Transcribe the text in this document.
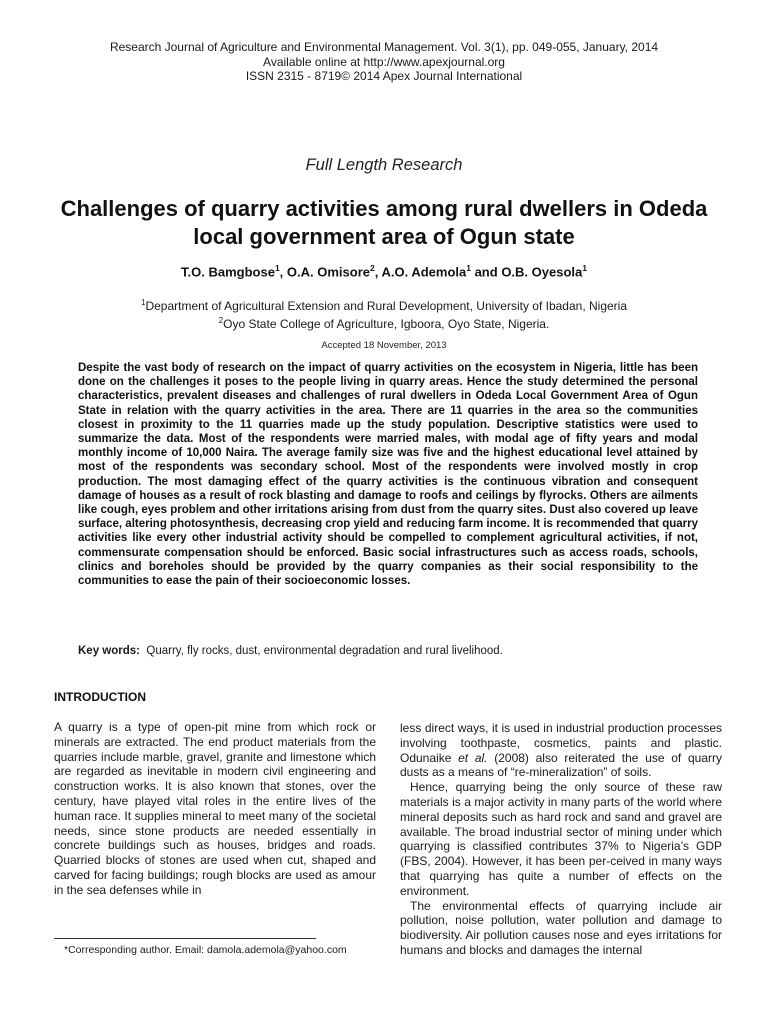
Research Journal of Agriculture and Environmental Management. Vol. 3(1), pp. 049-055, January, 2014
Available online at http://www.apexjournal.org
ISSN 2315 - 8719© 2014 Apex Journal International
Full Length Research
Challenges of quarry activities among rural dwellers in Odeda local government area of Ogun state
T.O. Bamgbose$^1$, O.A. Omisore$^2$, A.O. Ademola$^1$ and O.B. Oyesola$^1$
$^1$Department of Agricultural Extension and Rural Development, University of Ibadan, Nigeria
$^2$Oyo State College of Agriculture, Igboora, Oyo State, Nigeria.
Accepted 18 November, 2013

Despite the vast body of research on the impact of quarry activities on the ecosystem in Nigeria, little has been done on the challenges it poses to the people living in quarry areas. Hence the study determined the personal characteristics, prevalent diseases and challenges of rural dwellers in Odeda Local Government Area of Ogun State in relation with the quarry activities in the area. There are 11 quarries in the area so the communities closest in proximity to the 11 quarries made up the study population. Descriptive statistics were used to summarize the data. Most of the respondents were married males, with modal age of fifty years and modal monthly income of 10,000 Naira. The average family size was five and the highest educational level attained by most of the respondents was secondary school. Most of the respondents were involved mostly in crop production. The most damaging effect of the quarry activities is the continuous vibration and consequent damage of houses as a result of rock blasting and damage to roofs and ceilings by flyrocks. Others are ailments like cough, eyes problem and other irritations arising from dust from the quarry sites. Dust also covered up leave surface, altering photosynthesis, decreasing crop yield and reducing farm income. It is recommended that quarry activities like every other industrial activity should be compelled to complement agricultural activities, if not, commensurate compensation should be enforced. Basic social infrastructures such as access roads, schools, clinics and boreholes should be provided by the quarry companies as their social responsibility to the communities to ease the pain of their socioeconomic losses.

Key words: Quarry, fly rocks, dust, environmental degradation and rural livelihood.
INTRODUCTION

A quarry is a type of open-pit mine from which rock or minerals are extracted. The end product materials from the quarries include marble, gravel, granite and limestone which are regarded as inevitable in modern civil engineering and construction works. It is also known that stones, over the century, have played vital roles in the entire lives of the human race. It supplies mineral to meet many of the societal needs, since stone products are needed essentially in concrete buildings such as houses, bridges and roads. Quarried blocks of stones are used when cut, shaped and carved for facing buildings; rough blocks are used as amour in the sea defenses while in

less direct ways, it is used in industrial production processes involving toothpaste, cosmetics, paints and plastic. Odunaike et al. (2008) also reiterated the use of quarry dusts as a means of “re-mineralization” of soils.

Hence, quarrying being the only source of these raw materials is a major activity in many parts of the world where mineral deposits such as hard rock and sand and gravel are available. The broad industrial sector of mining under which quarrying is classified contributes 37% to Nigeria’s GDP (FBS, 2004). However, it has been per-ceived in many ways that quarrying has quite a number of effects on the environment.

The environmental effects of quarrying include air pollution, noise pollution, water pollution and damage to biodiversity. Air pollution causes nose and eyes irritations for humans and blocks and damages the internal

*Corresponding author. Email: damola.ademola@yahoo.com
